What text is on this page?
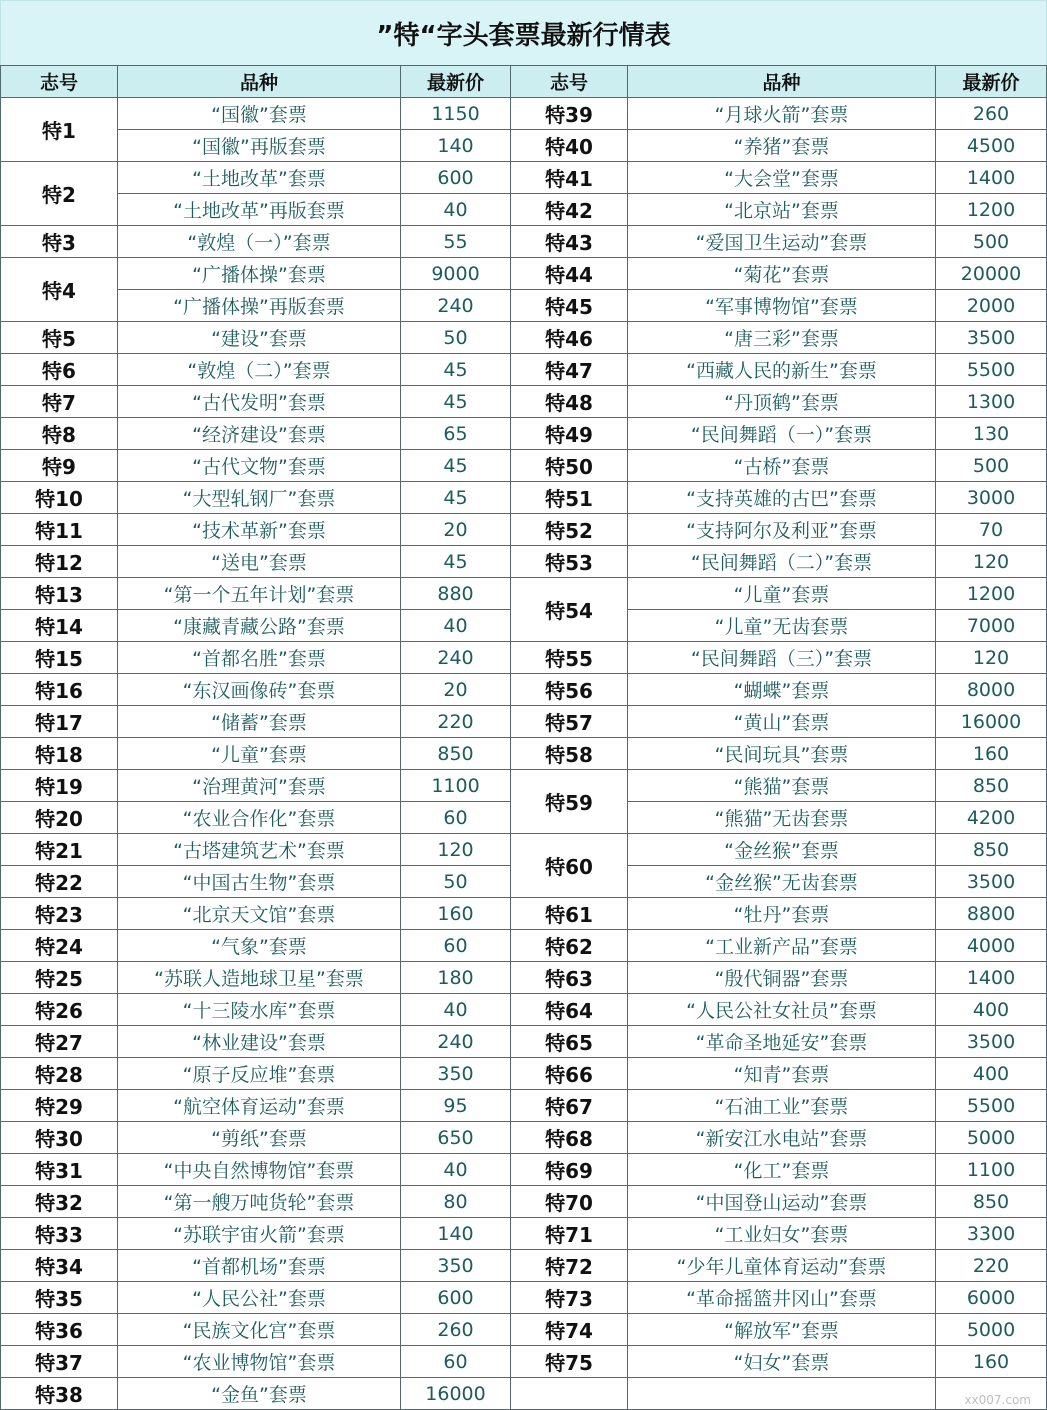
”特“字头套票最新行情表
志号	品种	最新价	志号	品种	最新价
特1
“国徽”套票	1150
“国徽”再版套票	140
特2
“土地改革”套票	600
“土地改革”再版套票	40
特3	“敦煌（一）”套票	55
特4
“广播体操”套票	9000
“广播体操”再版套票	240
特5	“建设”套票	50
特6	“敦煌（二）”套票	45
特7	“古代发明”套票	45
特8	“经济建设”套票	65
特9	“古代文物”套票	45
特10	“大型轧钢厂”套票	45
特11	“技术革新”套票	20
特12	“送电”套票	45
特13	“第一个五年计划”套票	880
特14	“康藏青藏公路”套票	40
特15	“首都名胜”套票	240
特16	“东汉画像砖”套票	20
特17	“储蓄”套票	220
特18	“儿童”套票	850
特19	“治理黄河”套票	1100
特20	“农业合作化”套票	60
特21	“古塔建筑艺术”套票	120
特22	“中国古生物”套票	50
特23	“北京天文馆”套票	160
特24	“气象”套票	60
特25	“苏联人造地球卫星”套票	180
特26	“十三陵水库”套票	40
特27	“林业建设”套票	240
特28	“原子反应堆”套票	350
特29	“航空体育运动”套票	95
特30	“剪纸”套票	650
特31	“中央自然博物馆”套票	40
特32	“第一艘万吨货轮”套票	80
特33	“苏联宇宙火箭”套票	140
特34	“首都机场”套票	350
特35	“人民公社”套票	600
特36	“民族文化宫”套票	260
特37	“农业博物馆”套票	60
特38	“金鱼”套票	16000
特39	“月球火箭”套票	260
特40	“养猪”套票	4500
特41	“大会堂”套票	1400
特42	“北京站”套票	1200
特43	“爱国卫生运动”套票	500
特44	“菊花”套票	20000
特45	“军事博物馆”套票	2000
特46	“唐三彩”套票	3500
特47	“西藏人民的新生”套票	5500
特48	“丹顶鹤”套票	1300
特49	“民间舞蹈（一）”套票	130
特50	“古桥”套票	500
特51	“支持英雄的古巴”套票	3000
特52	“支持阿尔及利亚”套票	70
特53	“民间舞蹈（二）”套票	120
特54
“儿童”套票	1200
“儿童”无齿套票	7000
特55	“民间舞蹈（三）”套票	120
特56	“蝴蝶”套票	8000
特57	“黄山”套票	16000
特58	“民间玩具”套票	160
特59
“熊猫”套票	850
“熊猫”无齿套票	4200
特60
“金丝猴”套票	850
“金丝猴”无齿套票	3500
特61	“牡丹”套票	8800
特62	“工业新产品”套票	4000
特63	“殷代铜器”套票	1400
特64	“人民公社女社员”套票	400
特65	“革命圣地延安”套票	3500
特66	“知青”套票	400
特67	“石油工业”套票	5500
特68	“新安江水电站”套票	5000
特69	“化工”套票	1100
特70	“中国登山运动”套票	850
特71	“工业妇女”套票	3300
特72	“少年儿童体育运动”套票	220
特73	“革命摇篮井冈山”套票	6000
特74	“解放军”套票	5000
特75	“妇女”套票	160
xx007.com
